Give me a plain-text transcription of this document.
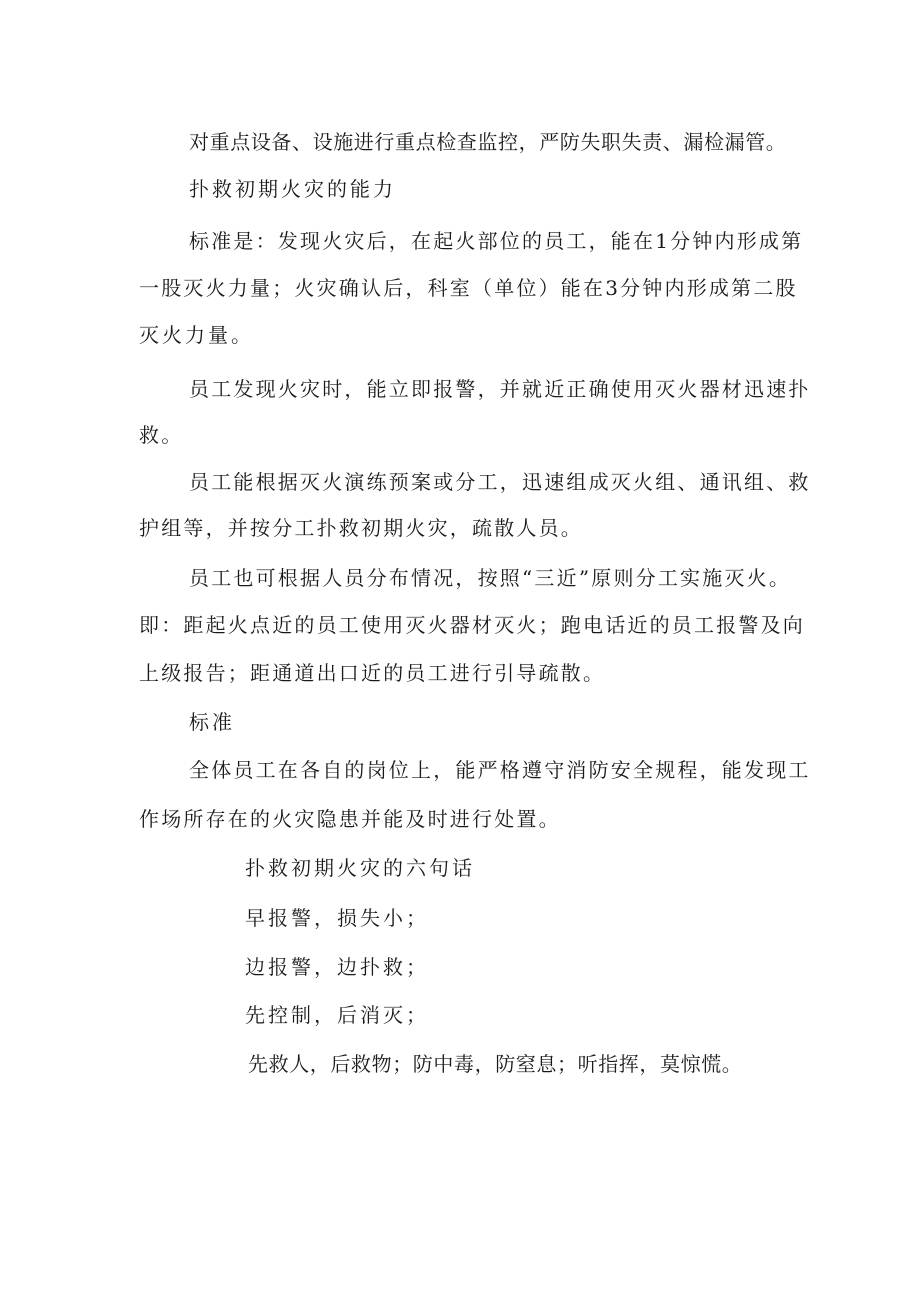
对重点设备、设施进行重点检查监控，严防失职失责、漏检漏管。
扑救初期火灾的能力
标准是：发现火灾后，在起火部位的员工，能在1分钟内形成第
一股灭火力量；火灾确认后，科室（单位）能在3分钟内形成第二股
灭火力量。
员工发现火灾时，能立即报警，并就近正确使用灭火器材迅速扑
救。
员工能根据灭火演练预案或分工，迅速组成灭火组、通讯组、救
护组等，并按分工扑救初期火灾，疏散人员。
员工也可根据人员分布情况，按照“三近”原则分工实施灭火。
即：距起火点近的员工使用灭火器材灭火；跑电话近的员工报警及向
上级报告；距通道出口近的员工进行引导疏散。
标准
全体员工在各自的岗位上，能严格遵守消防安全规程，能发现工
作场所存在的火灾隐患并能及时进行处置。
扑救初期火灾的六句话
早报警，损失小；
边报警，边扑救；
先控制，后消灭；
先救人，后救物；防中毒，防窒息；听指挥，莫惊慌。
